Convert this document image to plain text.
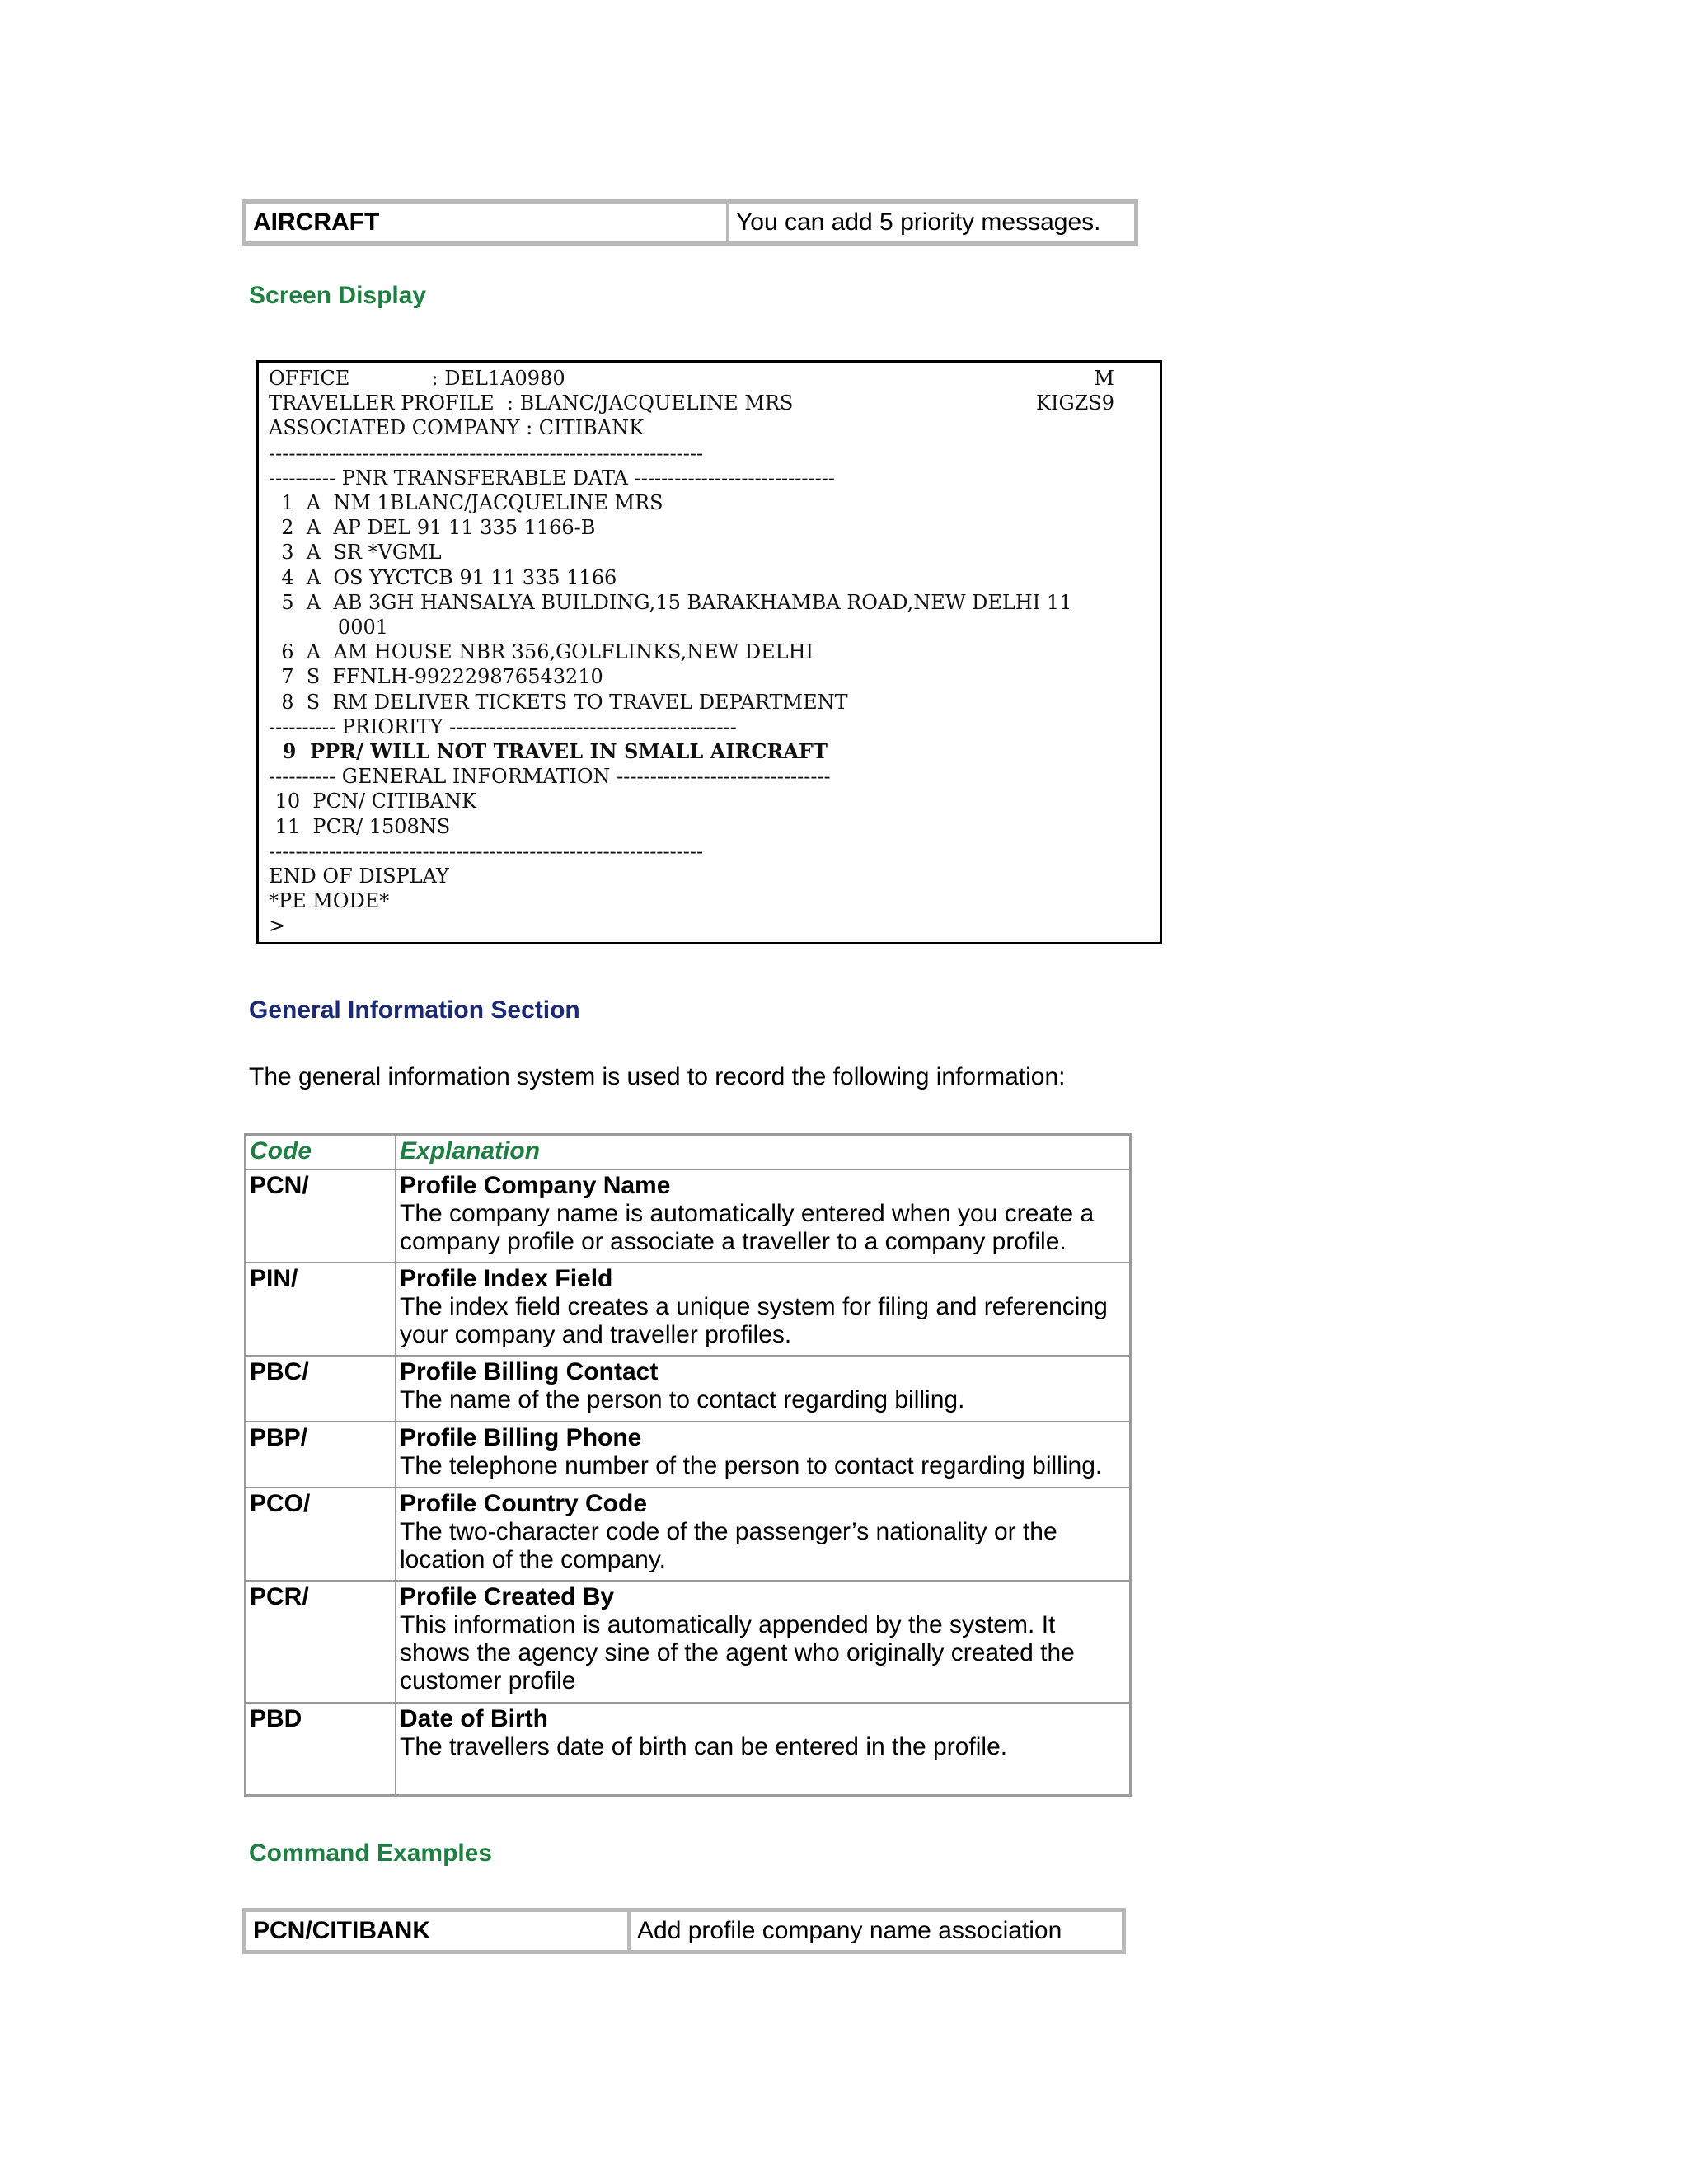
AIRCRAFT	You can add 5 priority messages.
Screen Display
OFFICE             : DEL1A0980	M
TRAVELLER PROFILE  : BLANC/JACQUELINE MRS	KIGZS9
ASSOCIATED COMPANY : CITIBANK
-----------------------------------------------------------------
---------- PNR TRANSFERABLE DATA ------------------------------
1  A  NM 1BLANC/JACQUELINE MRS
2  A  AP DEL 91 11 335 1166-B
3  A  SR *VGML
4  A  OS YYCTCB 91 11 335 1166
5  A  AB 3GH HANSALYA BUILDING,15 BARAKHAMBA ROAD,NEW DELHI 11
0001
6  A  AM HOUSE NBR 356,GOLFLINKS,NEW DELHI
7  S  FFNLH-992229876543210
8  S  RM DELIVER TICKETS TO TRAVEL DEPARTMENT
---------- PRIORITY -------------------------------------------
9  PPR/ WILL NOT TRAVEL IN SMALL AIRCRAFT
---------- GENERAL INFORMATION --------------------------------
10  PCN/ CITIBANK
11  PCR/ 1508NS
-----------------------------------------------------------------
END OF DISPLAY
*PE MODE*
>
General Information Section
The general information system is used to record the following information:
Code	Explanation
PCN/	Profile Company Name
The company name is automatically entered when you create a company profile or associate a traveller to a company profile.

PIN/	Profile Index Field
The index field creates a unique system for filing and referencing your company and traveller profiles.

PBC/	Profile Billing Contact
The name of the person to contact regarding billing.

PBP/	Profile Billing Phone
The telephone number of the person to contact regarding billing.

PCO/	Profile Country Code
The two-character code of the passenger’s nationality or the location of the company.

PCR/	Profile Created By
This information is automatically appended by the system. It shows the agency sine of the agent who originally created the customer profile

PBD	Date of Birth
The travellers date of birth can be entered in the profile.
Command Examples
PCN/CITIBANK	Add profile company name association
